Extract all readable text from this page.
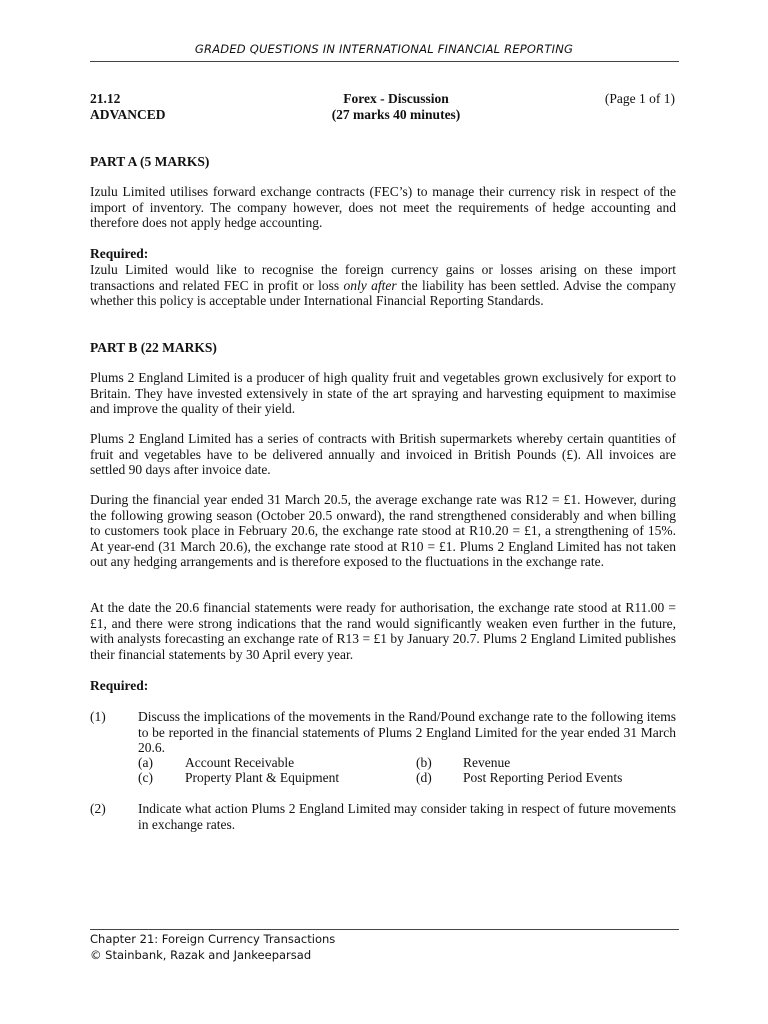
GRADED QUESTIONS IN INTERNATIONAL FINANCIAL REPORTING
21.12
ADVANCED
Forex - Discussion
(27 marks 40 minutes)
(Page 1 of 1)
PART A (5 MARKS)
Izulu Limited utilises forward exchange contracts (FEC’s) to manage their currency risk in respect of the import of inventory. The company however, does not meet the requirements of hedge accounting and therefore does not apply hedge accounting.
Required:
Izulu Limited would like to recognise the foreign currency gains or losses arising on these import transactions and related FEC in profit or loss only after the liability has been settled. Advise the company whether this policy is acceptable under International Financial Reporting Standards.
PART B (22 MARKS)
Plums 2 England Limited is a producer of high quality fruit and vegetables grown exclusively for export to Britain. They have invested extensively in state of the art spraying and harvesting equipment to maximise and improve the quality of their yield.
Plums 2 England Limited has a series of contracts with British supermarkets whereby certain quantities of fruit and vegetables have to be delivered annually and invoiced in British Pounds (£). All invoices are settled 90 days after invoice date.
During the financial year ended 31 March 20.5, the average exchange rate was R12 = £1. However, during the following growing season (October 20.5 onward), the rand strengthened considerably and when billing to customers took place in February 20.6, the exchange rate stood at R10.20 = £1, a strengthening of 15%. At year-end (31 March 20.6), the exchange rate stood at R10 = £1. Plums 2 England Limited has not taken out any hedging arrangements and is therefore exposed to the fluctuations in the exchange rate.
At the date the 20.6 financial statements were ready for authorisation, the exchange rate stood at R11.00 = £1, and there were strong indications that the rand would significantly weaken even further in the future, with analysts forecasting an exchange rate of R13 = £1 by January 20.7. Plums 2 England Limited publishes their financial statements by 30 April every year.
Required:
(1) Discuss the implications of the movements in the Rand/Pound exchange rate to the following items to be reported in the financial statements of Plums 2 England Limited for the year ended 31 March 20.6.
(a) Account Receivable	(b) Revenue
(c) Property Plant & Equipment	(d) Post Reporting Period Events
(2) Indicate what action Plums 2 England Limited may consider taking in respect of future movements in exchange rates.
Chapter 21: Foreign Currency Transactions
© Stainbank, Razak and Jankeeparsad
